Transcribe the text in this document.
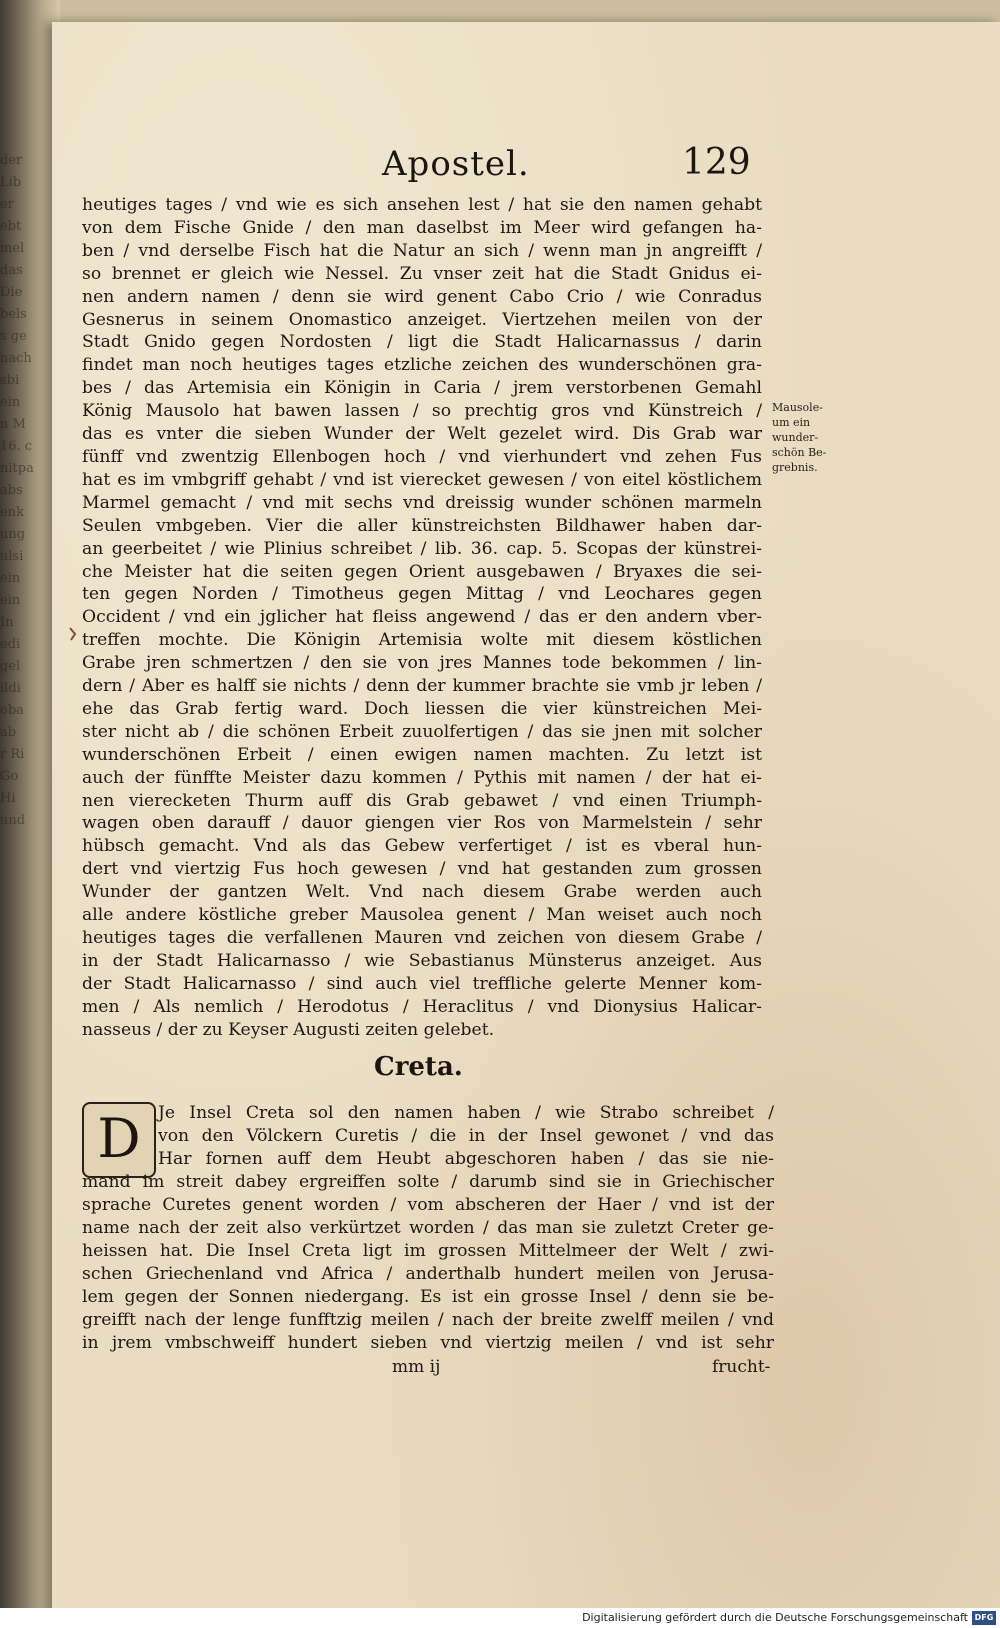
der
Lib
er
ebt
mel
das
Die
bels
s ge
nach
sbi
ein
n M
16. c
nitpa
abs
enk
ung
ulsi
ein
ein
In
edi
gel
ildi
oba
ab
r Ri
Go
Hi
und
Apostel.	129
heutiges tages / vnd wie es sich ansehen lest / hat sie den namen gehabt
von dem Fische Gnide / den man daselbst im Meer wird gefangen ha-
ben / vnd derselbe Fisch hat die Natur an sich / wenn man jn angreifft /
so brennet er gleich wie Nessel. Zu vnser zeit hat die Stadt Gnidus ei-
nen andern namen / denn sie wird genent Cabo Crio / wie Conradus
Gesnerus in seinem Onomastico anzeiget. Viertzehen meilen von der
Stadt Gnido gegen Nordosten / ligt die Stadt Halicarnassus / darin
findet man noch heutiges tages etzliche zeichen des wunderschönen gra-
bes / das Artemisia ein Königin in Caria / jrem verstorbenen Gemahl
König Mausolo hat bawen lassen / so prechtig gros vnd Künstreich /
das es vnter die sieben Wunder der Welt gezelet wird. Dis Grab war
fünff vnd zwentzig Ellenbogen hoch / vnd vierhundert vnd zehen Fus
hat es im vmbgriff gehabt / vnd ist vierecket gewesen / von eitel köstlichem
Marmel gemacht / vnd mit sechs vnd dreissig wunder schönen marmeln
Seulen vmbgeben. Vier die aller künstreichsten Bildhawer haben dar-
an geerbeitet / wie Plinius schreibet / lib. 36. cap. 5. Scopas der künstrei-
che Meister hat die seiten gegen Orient ausgebawen / Bryaxes die sei-
ten gegen Norden / Timotheus gegen Mittag / vnd Leochares gegen
Occident / vnd ein jglicher hat fleiss angewend / das er den andern vber-
treffen mochte. Die Königin Artemisia wolte mit diesem köstlichen
Grabe jren schmertzen / den sie von jres Mannes tode bekommen / lin-
dern / Aber es halff sie nichts / denn der kummer brachte sie vmb jr leben /
ehe das Grab fertig ward. Doch liessen die vier künstreichen Mei-
ster nicht ab / die schönen Erbeit zuuolfertigen / das sie jnen mit solcher
wunderschönen Erbeit / einen ewigen namen machten. Zu letzt ist
auch der fünffte Meister dazu kommen / Pythis mit namen / der hat ei-
nen vierecketen Thurm auff dis Grab gebawet / vnd einen Triumph-
wagen oben darauff / dauor giengen vier Ros von Marmelstein / sehr
hübsch gemacht. Vnd als das Gebew verfertiget / ist es vberal hun-
dert vnd viertzig Fus hoch gewesen / vnd hat gestanden zum grossen
Wunder der gantzen Welt. Vnd nach diesem Grabe werden auch
alle andere köstliche greber Mausolea genent / Man weiset auch noch
heutiges tages die verfallenen Mauren vnd zeichen von diesem Grabe /
in der Stadt Halicarnasso / wie Sebastianus Münsterus anzeiget. Aus
der Stadt Halicarnasso / sind auch viel treffliche gelerte Menner kom-
men / Als nemlich / Herodotus / Heraclitus / vnd Dionysius Halicar-
nasseus / der zu Keyser Augusti zeiten gelebet.
Mausole-
um ein
wunder-
schön Be-
grebnis.
Creta.
D	Je Insel Creta sol den namen haben / wie Strabo schreibet /
von den Völckern Curetis / die in der Insel gewonet / vnd das
Har fornen auff dem Heubt abgeschoren haben / das sie nie-
mand im streit dabey ergreiffen solte / darumb sind sie in Griechischer
sprache Curetes genent worden / vom abscheren der Haer / vnd ist der
name nach der zeit also verkürtzet worden / das man sie zuletzt Creter ge-
heissen hat. Die Insel Creta ligt im grossen Mittelmeer der Welt / zwi-
schen Griechenland vnd Africa / anderthalb hundert meilen von Jerusa-
lem gegen der Sonnen niedergang. Es ist ein grosse Insel / denn sie be-
greifft nach der lenge funfftzig meilen / nach der breite zwelff meilen / vnd
in jrem vmbschweiff hundert sieben vnd viertzig meilen / vnd ist sehr
mm ij	frucht-
Digitalisierung gefördert durch die Deutsche Forschungsgemeinschaft DFG
